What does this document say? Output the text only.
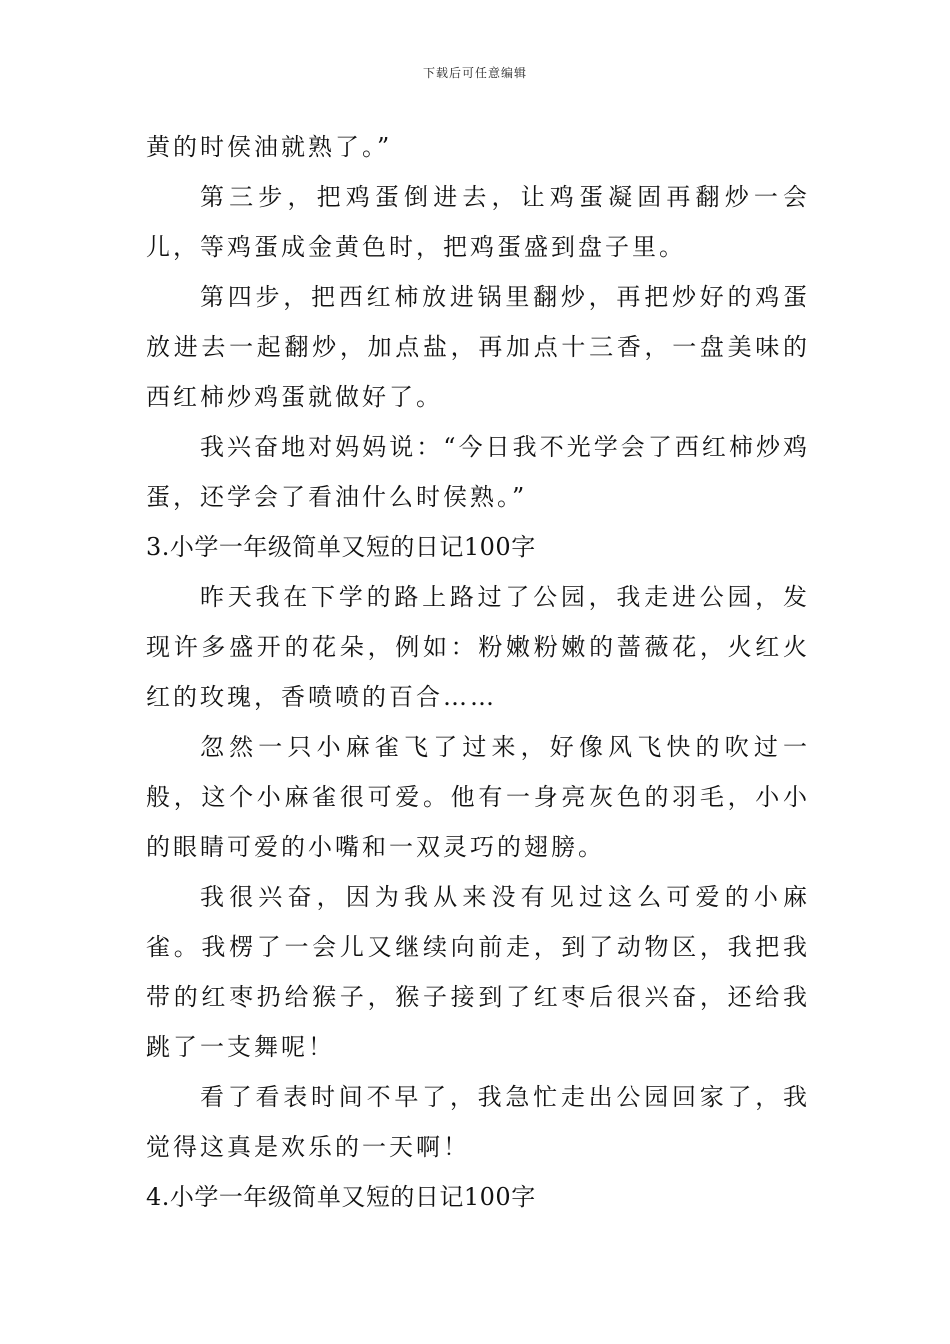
下载后可任意编辑

黄的时侯油就熟了。”

第三步，把鸡蛋倒进去，让鸡蛋凝固再翻炒一会儿，等鸡蛋成金黄色时，把鸡蛋盛到盘子里。

第四步，把西红柿放进锅里翻炒，再把炒好的鸡蛋放进去一起翻炒，加点盐，再加点十三香，一盘美味的西红柿炒鸡蛋就做好了。

我兴奋地对妈妈说：“今日我不光学会了西红柿炒鸡蛋，还学会了看油什么时侯熟。”

3.小学一年级简单又短的日记100字

昨天我在下学的路上路过了公园，我走进公园，发现许多盛开的花朵，例如：粉嫩粉嫩的蔷薇花，火红火红的玫瑰，香喷喷的百合……

忽然一只小麻雀飞了过来，好像风飞快的吹过一般，这个小麻雀很可爱。他有一身亮灰色的羽毛，小小的眼睛可爱的小嘴和一双灵巧的翅膀。

我很兴奋，因为我从来没有见过这么可爱的小麻雀。我楞了一会儿又继续向前走，到了动物区，我把我带的红枣扔给猴子，猴子接到了红枣后很兴奋，还给我跳了一支舞呢！

看了看表时间不早了，我急忙走出公园回家了，我觉得这真是欢乐的一天啊！

4.小学一年级简单又短的日记100字
